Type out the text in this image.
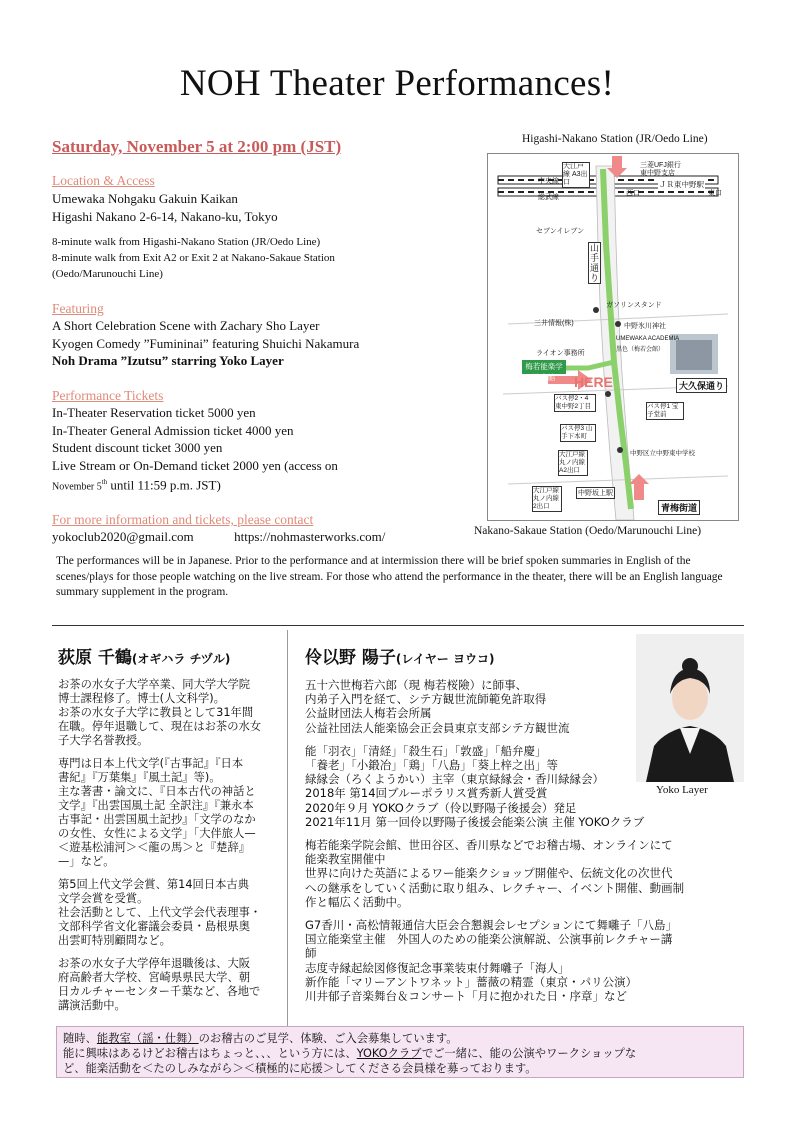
NOH Theater Performances!
Saturday, November 5 at 2:00 pm (JST)
Location & Access
Umewaka Nohgaku Gakuin Kaikan
Higashi Nakano 2-6-14, Nakano-ku, Tokyo
8-minute walk from Higashi-Nakano Station (JR/Oedo Line)
8-minute walk from Exit A2 or Exit 2 at Nakano-Sakaue Station
(Oedo/Marunouchi Line)
Featuring
A Short Celebration Scene with Zachary Sho Layer
Kyogen Comedy ”Fumininai” featuring Shuichi Nakamura
Noh Drama ”Izutsu” starring Yoko Layer
Performance Tickets
In-Theater Reservation ticket 5000 yen
In-Theater General Admission ticket 4000 yen
Student discount ticket 3000 yen
Live Stream or On-Demand ticket 2000 yen (access on
November 5th until 11:59 p.m. JST)
For more information and tickets, please contact
yokoclub2020@gmail.com	https://nohmasterworks.com/
Higashi-Nakano Station (JR/Oedo Line)
Nakano-Sakaue Station (Oedo/Marunouchi Line)
大江戸線 A3出口
三菱UFJ銀行
東中野支店
中央線
総武線
ＪＲ東中野駅
西口	東口
セブンイレブン
山手通り
ガソリンスタンド
三井情報(株)	中野氷川神社
ライオン事務所
UMEWAKA ACADEMIA
黒色（梅若会館）
梅若能楽学院会館	HERE	大久保通り
バス停2・4 東中野2丁目	バス停1 宝子堂前
バス停3 山手下本町
大江戸線 丸ノ内線 A2出口
中野区立中野東中学校
大江戸線 丸ノ内線 2出口
中野坂上駅
青梅街道
The performances will be in Japanese. Prior to the performance and at intermission there will be brief spoken summaries in English of the scenes/plays for those people watching on the live stream. For those who attend the performance in the theater, there will be an English language summary supplement in the program.
荻原 千鶴(オギハラ チヅル)

お茶の水女子大学卒業、同大学大学院
博士課程修了。博士(人文科学)。
お茶の水女子大学に教員として31年間
在職。停年退職して、現在はお茶の水女
子大学名誉教授。

専門は日本上代文学(『古事記』『日本
書紀』『万葉集』『風土記』等)。
主な著書・論文に、『日本古代の神話と
文学』『出雲国風土記 全訳注』『兼永本
古事記・出雲国風土記抄』「文学のなか
の女性、女性による文学」「大伴旅人—
＜遊基松浦河＞＜龍の馬＞と『楚辞』
—」など。

第5回上代文学会賞、第14回日本古典
文学会賞を受賞。
社会活動として、上代文学会代表理事・
文部科学省文化審議会委員・島根県奥
出雲町特別顧問など。

お茶の水女子大学停年退職後は、大阪
府高齢者大学校、宮崎県県民大学、朝
日カルチャーセンター千葉など、各地で
講演活動中。

伶以野 陽子(レイヤー ヨウコ)

五十六世梅若六郎（現 梅若桜險）に師事、
内弟子入門を経て、シテ方観世流師範免許取得
公益財団法人梅若会所属
公益社団法人能楽協会正会員東京支部シテ方観世流

能「羽衣」「清経」「殺生石」「敦盛」「船弁慶」
「養老」「小鍛冶」「鶏」「八島」「葵上梓之出」等
緑縁会（ろくようかい）主宰（東京緑縁会・香川緑縁会）
2018年 第14回ブルーポラリス賞秀新人賞受賞
2020年９月 YOKOクラブ（伶以野陽子後援会）発足
2021年11月 第一回伶以野陽子後援会能楽公演 主催 YOKOクラブ

梅若能楽学院会館、世田谷区、香川県などでお稽古場、オンラインにて
能楽教室開催中
世界に向けた英語によるワー能楽クショップ開催や、伝統文化の次世代
への継承をしていく活動に取り組み、レクチャー、イベント開催、動画制
作と幅広く活動中。

G7香川・高松情報通信大臣会合懇親会レセプションにて舞囃子「八島」
国立能楽堂主催　外国人のための能楽公演解説、公演事前レクチャー講
師
志度寺縁起絵図修復記念事業装束付舞囃子「海人」
新作能「マリーアントワネット」薔薇の精霊（東京・パリ公演）
川井郁子音楽舞台＆コンサート「月に抱かれた日・序章」など

Yoko Layer
随時、能教室（謡・仕舞）のお稽古のご見学、体験、ご入会募集しています。
能に興味はあるけどお稽古はちょっと、、、という方には、YOKOクラブでご一緒に、能の公演やワークショップな
ど、能楽活動を＜たのしみながら＞＜積極的に応援＞してくださる会員様を募っております。
